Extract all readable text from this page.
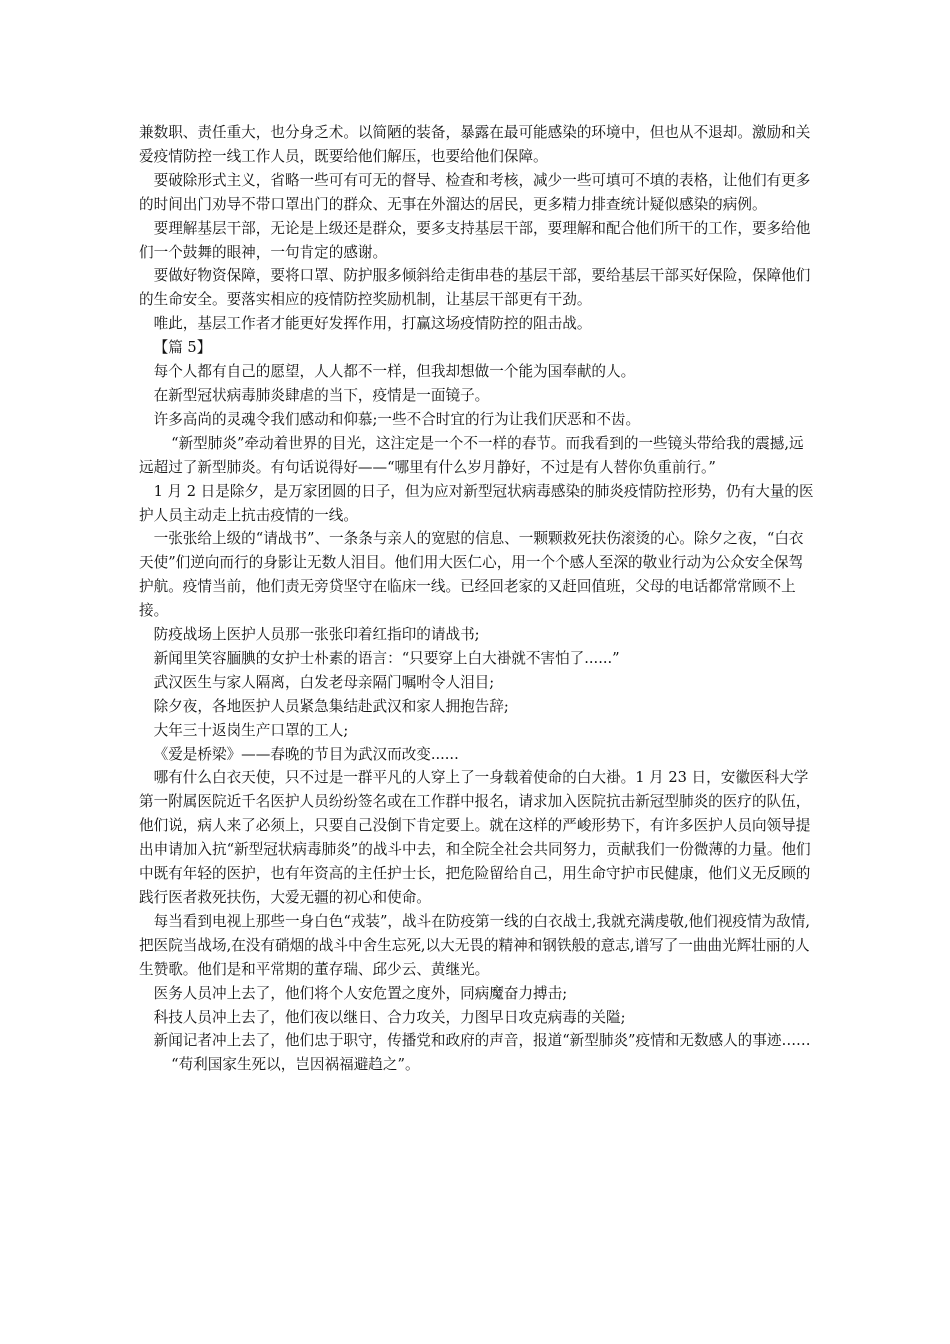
兼数职、责任重大，也分身乏术。以简陋的装备，暴露在最可能感染的环境中，但也从不退却。激励和关爱疫情防控一线工作人员，既要给他们解压，也要给他们保障。

要破除形式主义，省略一些可有可无的督导、检查和考核，减少一些可填可不填的表格，让他们有更多的时间出门劝导不带口罩出门的群众、无事在外溜达的居民，更多精力排查统计疑似感染的病例。

要理解基层干部，无论是上级还是群众，要多支持基层干部，要理解和配合他们所干的工作，要多给他们一个鼓舞的眼神，一句肯定的感谢。

要做好物资保障，要将口罩、防护服多倾斜给走街串巷的基层干部，要给基层干部买好保险，保障他们的生命安全。要落实相应的疫情防控奖励机制，让基层干部更有干劲。

唯此，基层工作者才能更好发挥作用，打赢这场疫情防控的阻击战。

【篇 5】

每个人都有自己的愿望，人人都不一样，但我却想做一个能为国奉献的人。

在新型冠状病毒肺炎肆虐的当下，疫情是一面镜子。

许多高尚的灵魂令我们感动和仰慕;一些不合时宜的行为让我们厌恶和不齿。

“新型肺炎”牵动着世界的目光，这注定是一个不一样的春节。而我看到的一些镜头带给我的震撼,远远超过了新型肺炎。有句话说得好——“哪里有什么岁月静好，不过是有人替你负重前行。”

1 月 2 日是除夕，是万家团圆的日子，但为应对新型冠状病毒感染的肺炎疫情防控形势，仍有大量的医护人员主动走上抗击疫情的一线。

一张张给上级的“请战书”、一条条与亲人的宽慰的信息、一颗颗救死扶伤滚烫的心。除夕之夜，“白衣天使”们逆向而行的身影让无数人泪目。他们用大医仁心，用一个个感人至深的敬业行动为公众安全保驾护航。疫情当前，他们责无旁贷坚守在临床一线。已经回老家的又赶回值班，父母的电话都常常顾不上接。

防疫战场上医护人员那一张张印着红指印的请战书;

新闻里笑容腼腆的女护士朴素的语言：“只要穿上白大褂就不害怕了......”

武汉医生与家人隔离，白发老母亲隔门嘱咐令人泪目;

除夕夜，各地医护人员紧急集结赴武汉和家人拥抱告辞;

大年三十返岗生产口罩的工人;

《爱是桥梁》——春晚的节目为武汉而改变......

哪有什么白衣天使，只不过是一群平凡的人穿上了一身载着使命的白大褂。1 月 23 日，安徽医科大学第一附属医院近千名医护人员纷纷签名或在工作群中报名，请求加入医院抗击新冠型肺炎的医疗的队伍，他们说，病人来了必须上，只要自己没倒下肯定要上。就在这样的严峻形势下，有许多医护人员向领导提出申请加入抗“新型冠状病毒肺炎”的战斗中去，和全院全社会共同努力，贡献我们一份微薄的力量。他们中既有年轻的医护，也有年资高的主任护士长，把危险留给自己，用生命守护市民健康，他们义无反顾的践行医者救死扶伤，大爱无疆的初心和使命。

每当看到电视上那些一身白色“戎装”，战斗在防疫第一线的白衣战士,我就充满虔敬,他们视疫情为敌情,把医院当战场,在没有硝烟的战斗中舍生忘死,以大无畏的精神和钢铁般的意志,谱写了一曲曲光辉壮丽的人生赞歌。他们是和平常期的董存瑞、邱少云、黄继光。

医务人员冲上去了，他们将个人安危置之度外，同病魔奋力搏击;

科技人员冲上去了，他们夜以继日、合力攻关，力图早日攻克病毒的关隘;

新闻记者冲上去了，他们忠于职守，传播党和政府的声音，报道“新型肺炎”疫情和无数感人的事迹……

“苟利国家生死以，岂因祸福避趋之”。
